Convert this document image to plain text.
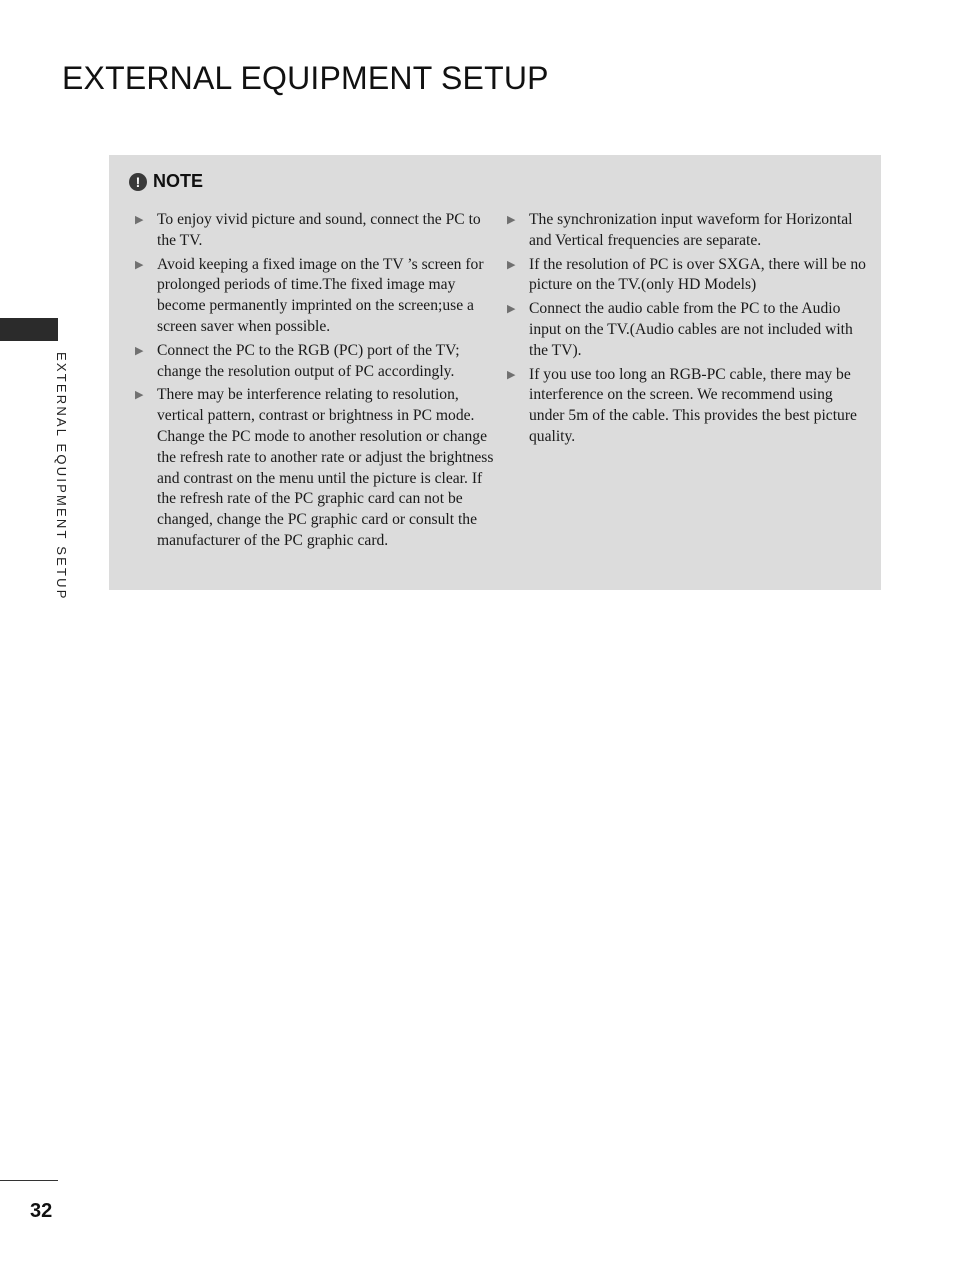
EXTERNAL EQUIPMENT SETUP
EXTERNAL EQUIPMENT SETUP
! NOTE
▶ To enjoy vivid picture and sound, connect the PC to the TV.
▶ Avoid keeping a fixed image on the TV ’s screen for prolonged periods of time.The fixed image may become permanently imprinted on the screen;use a screen saver when possible.
▶ Connect the PC to the RGB (PC) port of the TV; change the resolution output of PC accordingly.
▶ There may be interference relating to resolution, vertical pattern, contrast or brightness in PC mode. Change the PC mode to another resolution or change the refresh rate to another rate or adjust the brightness and contrast on the menu until the picture is clear. If the refresh rate of the PC graphic card can not be changed, change the PC graphic card or consult the manufacturer of the PC graphic card.
▶ The synchronization input waveform for Horizontal and Vertical frequencies are separate.
▶ If the resolution of PC is over SXGA, there will be no picture on the TV.(only HD Models)
▶ Connect the audio cable from the PC to the Audio input on the TV.(Audio cables are not included with the TV).
▶ If you use too long an RGB-PC cable, there may be interference on the screen. We recommend using under 5m of the cable. This provides the best picture quality.
32
